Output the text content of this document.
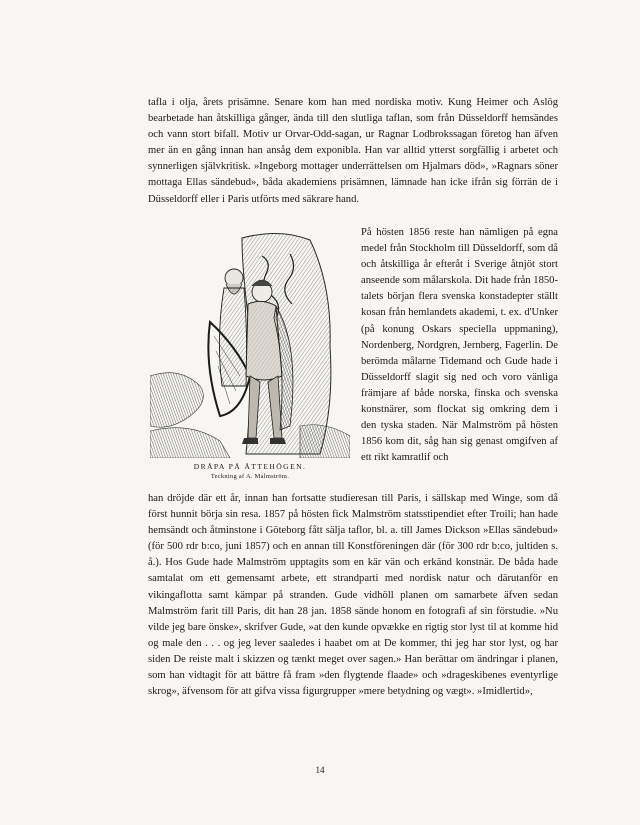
tafla i olja, årets prisämne. Senare kom han med nordiska motiv. Kung Heimer och Aslög bearbetade han åtskilliga gånger, ända till den slutliga taflan, som från Düsseldorff hemsändes och vann stort bifall. Motiv ur Orvar-Odd-sagan, ur Ragnar Lodbrokssagan företog han äfven mer än en gång innan han ansåg dem exponibla. Han var alltid ytterst sorgfällig i arbetet och synnerligen självkritisk. »Ingeborg mottager underrättelsen om Hjalmars död», »Ragnars söner mottaga Ellas sändebud», båda akademiens prisämnen, lämnade han icke ifrån sig förrän de i Düsseldorff eller i Paris utförts med säkrare hand.

DRÅPA PÅ ÄTTEHÖGEN.
Teckning af A. Malmström.

På hösten 1856 reste han nämligen på egna medel från Stockholm till Düsseldorff, som då och åtskilliga år efteråt i Sverige åtnjöt stort anseende som målarskola. Dit hade från 1850-talets början flera svenska konstadepter ställt kosan från hemlandets akademi, t. ex. d'Unker (på konung Oskars speciella uppmaning), Nordenberg, Nordgren, Jernberg, Fagerlin. De berömda målarne Tidemand och Gude hade i Düsseldorff slagit sig ned och voro vänliga främjare af både norska, finska och svenska konstnärer, som flockat sig omkring dem i den tyska staden. När Malmström på hösten 1856 kom dit, såg han sig genast omgifven af ett rikt kamratlif och

han dröjde där ett år, innan han fortsatte studieresan till Paris, i sällskap med Winge, som då först hunnit börja sin resa. 1857 på hösten fick Malmström statsstipendiet efter Troili; han hade hemsändt och åtminstone i Göteborg fått sälja taflor, bl. a. till James Dickson »Ellas sändebud» (för 500 rdr b:co, juni 1857) och en annan till Konstföreningen där (för 300 rdr b:co, jultiden s. å.). Hos Gude hade Malmström upptagits som en kär vän och erkänd konstnär. De båda hade samtalat om ett gemensamt arbete, ett strandparti med nordisk natur och därutanför en vikingaflotta samt kämpar på stranden. Gude vidhöll planen om samarbete äfven sedan Malmström farit till Paris, dit han 28 jan. 1858 sände honom en fotografi af sin förstudie. »Nu vilde jeg bare önske», skrifver Gude, »at den kunde opvække en rigtig stor lyst til at komme hid og male den . . . og jeg lever saaledes i haabet om at De kommer, thi jeg har stor lyst, og har siden De reiste malt i skizzen og tænkt meget over sagen.» Han berättar om ändringar i planen, som han vidtagit för att bättre få fram »den flygtende flaade» och »drageskibenes eventyrlige skrog», äfvensom för att gifva vissa figurgrupper »mere betydning og vægt». »Imidlertid»,

14
